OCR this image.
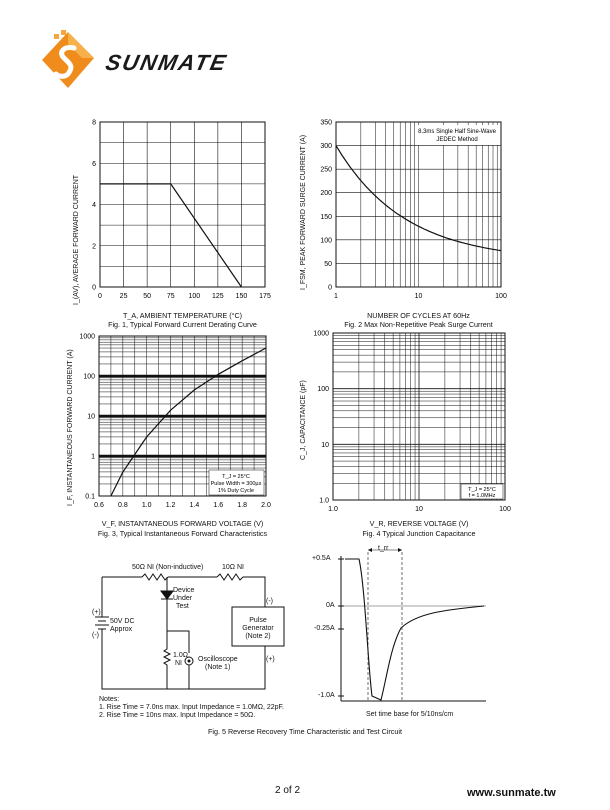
SUNMATE
I_(AV), AVERAGE FORWARD CURRENT	0	25 50 75 100 125 150 175
0
2
4
6
8
T_A, AMBIENT TEMPERATURE (°C)
Fig. 1, Typical Forward Current Derating Curve
I_FSM, PEAK FORWARD SURGE CURRENT (A)
1	10	100
0
50
100
150
200
250
300
350
8.3ms Single Half Sine-Wave
JEDEC Method
NUMBER OF CYCLES AT 60Hz
Fig. 2 Max Non-Repetitive Peak Surge Current
I_F, INSTANTANEOUS FORWARD CURRENT (A)	0.6 0.8 1.0 1.2 1.4 1.6 1.8 2.0
0.1
1
10
100
1000
T_J = 25°C
Pulse Width = 300µs
1% Duty Cycle
V_F, INSTANTANEOUS FORWARD VOLTAGE (V)
Fig. 3, Typical Instantaneous Forward Characteristics
C_J, CAPACITANCE (pF)
1.0	10	100
1.0
10
100
1000
T_J = 25°C
f = 1.0MHz
V_R, REVERSE VOLTAGE (V)
Fig. 4 Typical Junction Capacitance
50Ω NI (Non-inductive)	10Ω NI
Device
Under
Test
(-)
(+)
Pulse
Generator
(Note 2)
(+)
(-)
50V DC
Approx
1.0Ω
NI
Oscilloscope
(Note 1)
Notes:
1. Rise Time = 7.0ns max. Input Impedance = 1.0MΩ, 22pF.
2. Rise Time = 10ns max. Input Impedance = 50Ω.
+0.5A
0A
-0.25A
-1.0A
t_rr
Set time base for 5/10ns/cm
Fig. 5 Reverse Recovery Time Characteristic and Test Circuit
2 of 2	www.sunmate.tw
